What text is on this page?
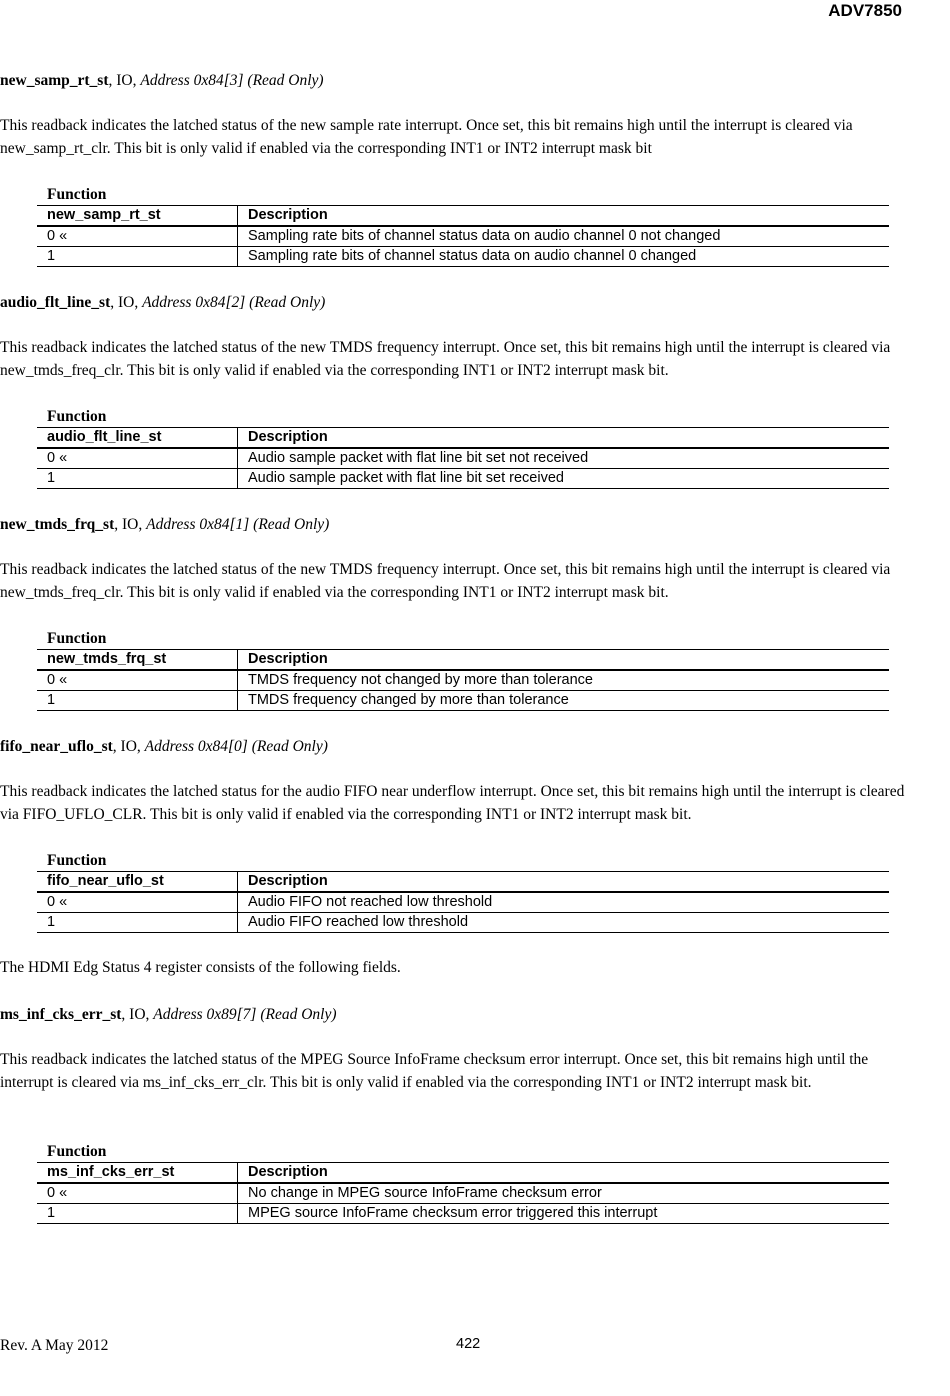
ADV7850

new_samp_rt_st, IO, Address 0x84[3] (Read Only)

This readback indicates the latched status of the new sample rate interrupt. Once set, this bit remains high until the interrupt is cleared via new_samp_rt_clr. This bit is only valid if enabled via the corresponding INT1 or INT2 interrupt mask bit

Function
new_samp_rt_st	Description
0 «	Sampling rate bits of channel status data on audio channel 0 not changed
1	Sampling rate bits of channel status data on audio channel 0 changed

audio_flt_line_st, IO, Address 0x84[2] (Read Only)

This readback indicates the latched status of the new TMDS frequency interrupt. Once set, this bit remains high until the interrupt is cleared via new_tmds_freq_clr. This bit is only valid if enabled via the corresponding INT1 or INT2 interrupt mask bit.

Function
audio_flt_line_st	Description
0 «	Audio sample packet with flat line bit set not received
1	Audio sample packet with flat line bit set received

new_tmds_frq_st, IO, Address 0x84[1] (Read Only)

This readback indicates the latched status of the new TMDS frequency interrupt. Once set, this bit remains high until the interrupt is cleared via new_tmds_freq_clr. This bit is only valid if enabled via the corresponding INT1 or INT2 interrupt mask bit.

Function
new_tmds_frq_st	Description
0 «	TMDS frequency not changed by more than tolerance
1	TMDS frequency changed by more than tolerance

fifo_near_uflo_st, IO, Address 0x84[0] (Read Only)

This readback indicates the latched status for the audio FIFO near underflow interrupt. Once set, this bit remains high until the interrupt is cleared via FIFO_UFLO_CLR. This bit is only valid if enabled via the corresponding INT1 or INT2 interrupt mask bit.

Function
fifo_near_uflo_st	Description
0 «	Audio FIFO not reached low threshold
1	Audio FIFO reached low threshold
The HDMI Edg Status 4 register consists of the following fields.

ms_inf_cks_err_st, IO, Address 0x89[7] (Read Only)

This readback indicates the latched status of the MPEG Source InfoFrame checksum error interrupt. Once set, this bit remains high until the interrupt is cleared via ms_inf_cks_err_clr. This bit is only valid if enabled via the corresponding INT1 or INT2 interrupt mask bit.

Function
ms_inf_cks_err_st	Description
0 «	No change in MPEG source InfoFrame checksum error
1	MPEG source InfoFrame checksum error triggered this interrupt
Rev. A May 2012	422
